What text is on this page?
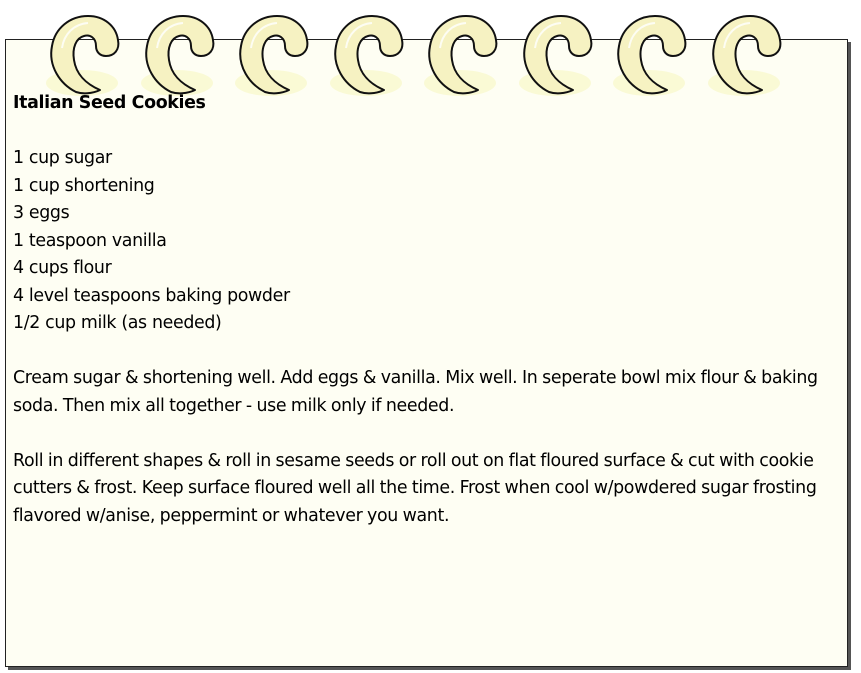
Italian Seed Cookies

1 cup sugar
1 cup shortening
3 eggs
1 teaspoon vanilla
4 cups flour
4 level teaspoons baking powder
1/2 cup milk (as needed)

Cream sugar & shortening well. Add eggs & vanilla. Mix well. In seperate bowl mix flour & baking soda. Then mix all together - use milk only if needed.

Roll in different shapes & roll in sesame seeds or roll out on flat floured surface & cut with cookie cutters & frost. Keep surface floured well all the time. Frost when cool w/powdered sugar frosting flavored w/anise, peppermint or whatever you want.
